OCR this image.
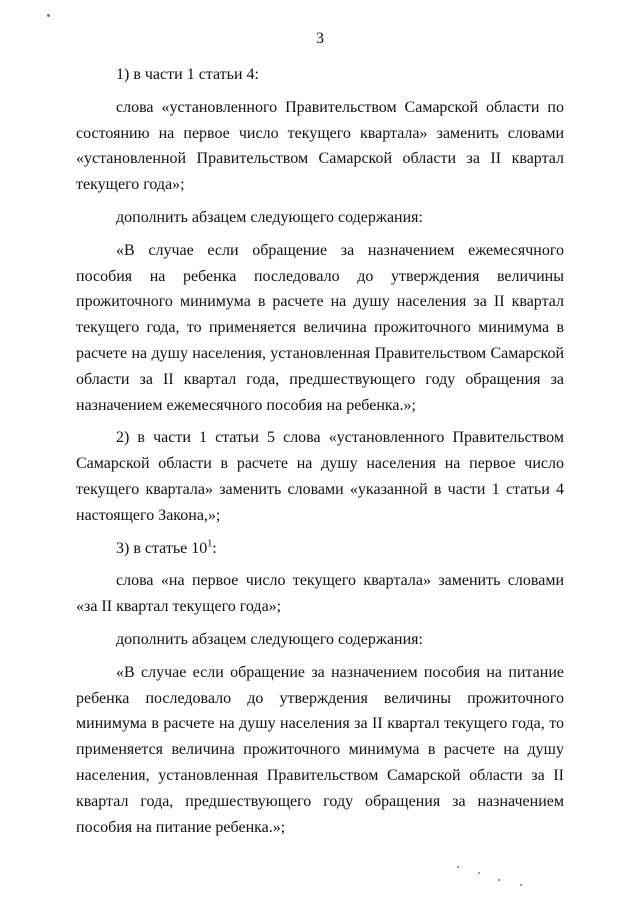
3

1) в части 1 статьи 4:

слова «установленного Правительством Самарской области по состоянию на первое число текущего квартала» заменить словами «установленной Правительством Самарской области за II квартал текущего года»;

дополнить абзацем следующего содержания:

«В случае если обращение за назначением ежемесячного пособия на ребенка последовало до утверждения величины прожиточного минимума в расчете на душу населения за II квартал текущего года, то применяется величина прожиточного минимума в расчете на душу населения, установленная Правительством Самарской области за II квартал года, предшествующего году обращения за назначением ежемесячного пособия на ребенка.»;

2) в части 1 статьи 5 слова «установленного Правительством Самарской области в расчете на душу населения на первое число текущего квартала» заменить словами «указанной в части 1 статьи 4 настоящего Закона,»;

3) в статье $10^1$:

слова «на первое число текущего квартала» заменить словами «за II квартал текущего года»;

дополнить абзацем следующего содержания:

«В случае если обращение за назначением пособия на питание ребенка последовало до утверждения величины прожиточного минимума в расчете на душу населения за II квартал текущего года, то применяется величина прожиточного минимума в расчете на душу населения, установленная Правительством Самарской области за II квартал года, предшествующего году обращения за назначением пособия на питание ребенка.»;
